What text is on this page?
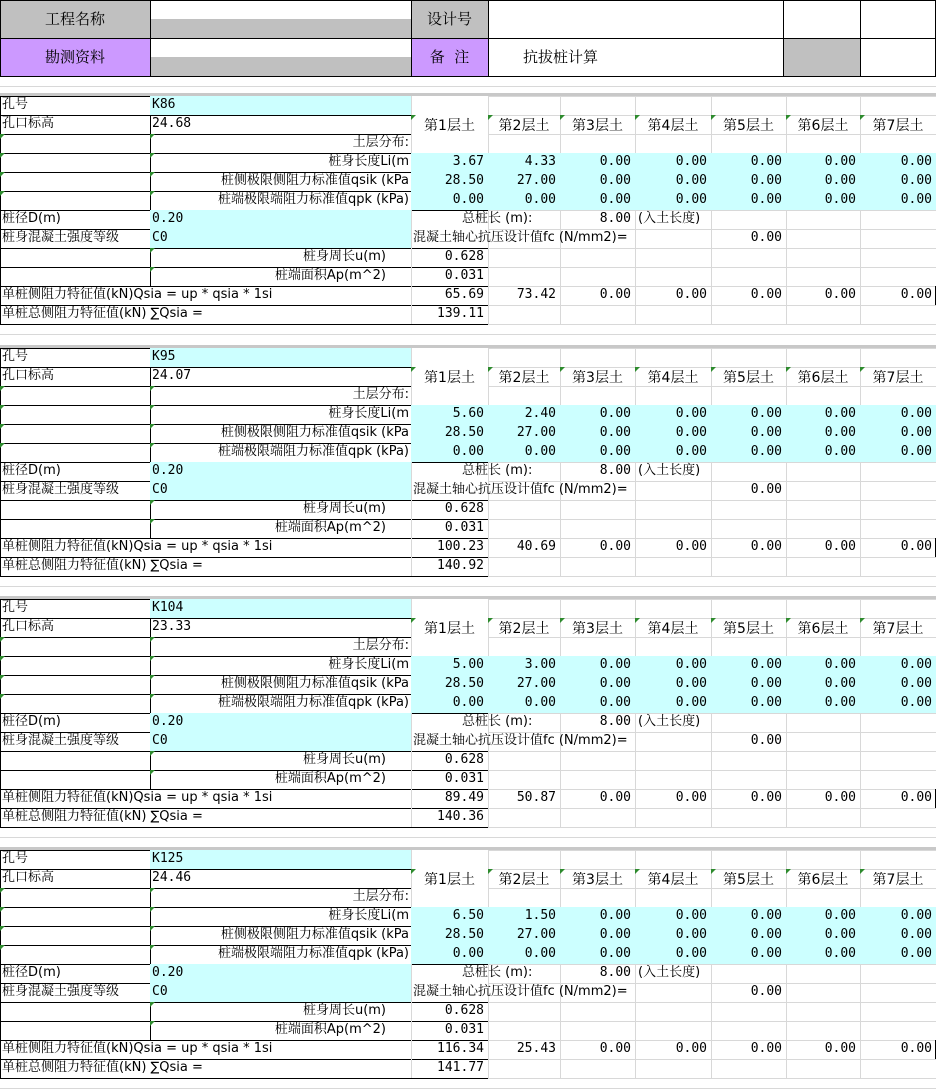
工程名称	设计号
勘测资料	备  注	抗拔桩计算
孔号	K86
孔口标高	24.68	第1层土	第2层土	第3层土	第4层土	第5层土	第6层土	第7层土
土层分布:
桩身长度Li(m	3.67	4.33	0.00	0.00	0.00	0.00	0.00
桩侧极限侧阻力标准值qsik (kPa	28.50	27.00	0.00	0.00	0.00	0.00	0.00
桩端极限端阻力标准值qpk (kPa)	0.00	0.00	0.00	0.00	0.00	0.00	0.00
桩径D(m)	0.20	总桩长 (m):	8.00 (入土长度)
桩身混凝土强度等级	C0	混凝土轴心抗压设计值fc (N/mm2)=	0.00
桩身周长u(m)	0.628
桩端面积Ap(m^2)	0.031
单桩侧阻力特征值(kN)Qsia = up * qsia * 1si	65.69	73.42	0.00	0.00	0.00	0.00	0.00
单桩总侧阻力特征值(kN) ∑Qsia =	139.11
孔号	K95
孔口标高	24.07	第1层土	第2层土	第3层土	第4层土	第5层土	第6层土	第7层土
土层分布:
桩身长度Li(m	5.60	2.40	0.00	0.00	0.00	0.00	0.00
桩侧极限侧阻力标准值qsik (kPa	28.50	27.00	0.00	0.00	0.00	0.00	0.00
桩端极限端阻力标准值qpk (kPa)	0.00	0.00	0.00	0.00	0.00	0.00	0.00
桩径D(m)	0.20	总桩长 (m):	8.00 (入土长度)
桩身混凝土强度等级	C0	混凝土轴心抗压设计值fc (N/mm2)=	0.00
桩身周长u(m)	0.628
桩端面积Ap(m^2)	0.031
单桩侧阻力特征值(kN)Qsia = up * qsia * 1si	100.23	40.69	0.00	0.00	0.00	0.00	0.00
单桩总侧阻力特征值(kN) ∑Qsia =	140.92
孔号	K104
孔口标高	23.33	第1层土	第2层土	第3层土	第4层土	第5层土	第6层土	第7层土
土层分布:
桩身长度Li(m	5.00	3.00	0.00	0.00	0.00	0.00	0.00
桩侧极限侧阻力标准值qsik (kPa	28.50	27.00	0.00	0.00	0.00	0.00	0.00
桩端极限端阻力标准值qpk (kPa)	0.00	0.00	0.00	0.00	0.00	0.00	0.00
桩径D(m)	0.20	总桩长 (m):	8.00 (入土长度)
桩身混凝土强度等级	C0	混凝土轴心抗压设计值fc (N/mm2)=	0.00
桩身周长u(m)	0.628
桩端面积Ap(m^2)	0.031
单桩侧阻力特征值(kN)Qsia = up * qsia * 1si	89.49	50.87	0.00	0.00	0.00	0.00	0.00
单桩总侧阻力特征值(kN) ∑Qsia =	140.36
孔号	K125
孔口标高	24.46	第1层土	第2层土	第3层土	第4层土	第5层土	第6层土	第7层土
土层分布:
桩身长度Li(m	6.50	1.50	0.00	0.00	0.00	0.00	0.00
桩侧极限侧阻力标准值qsik (kPa	28.50	27.00	0.00	0.00	0.00	0.00	0.00
桩端极限端阻力标准值qpk (kPa)	0.00	0.00	0.00	0.00	0.00	0.00	0.00
桩径D(m)	0.20	总桩长 (m):	8.00 (入土长度)
桩身混凝土强度等级	C0	混凝土轴心抗压设计值fc (N/mm2)=	0.00
桩身周长u(m)	0.628
桩端面积Ap(m^2)	0.031
单桩侧阻力特征值(kN)Qsia = up * qsia * 1si	116.34	25.43	0.00	0.00	0.00	0.00	0.00
单桩总侧阻力特征值(kN) ∑Qsia =	141.77
